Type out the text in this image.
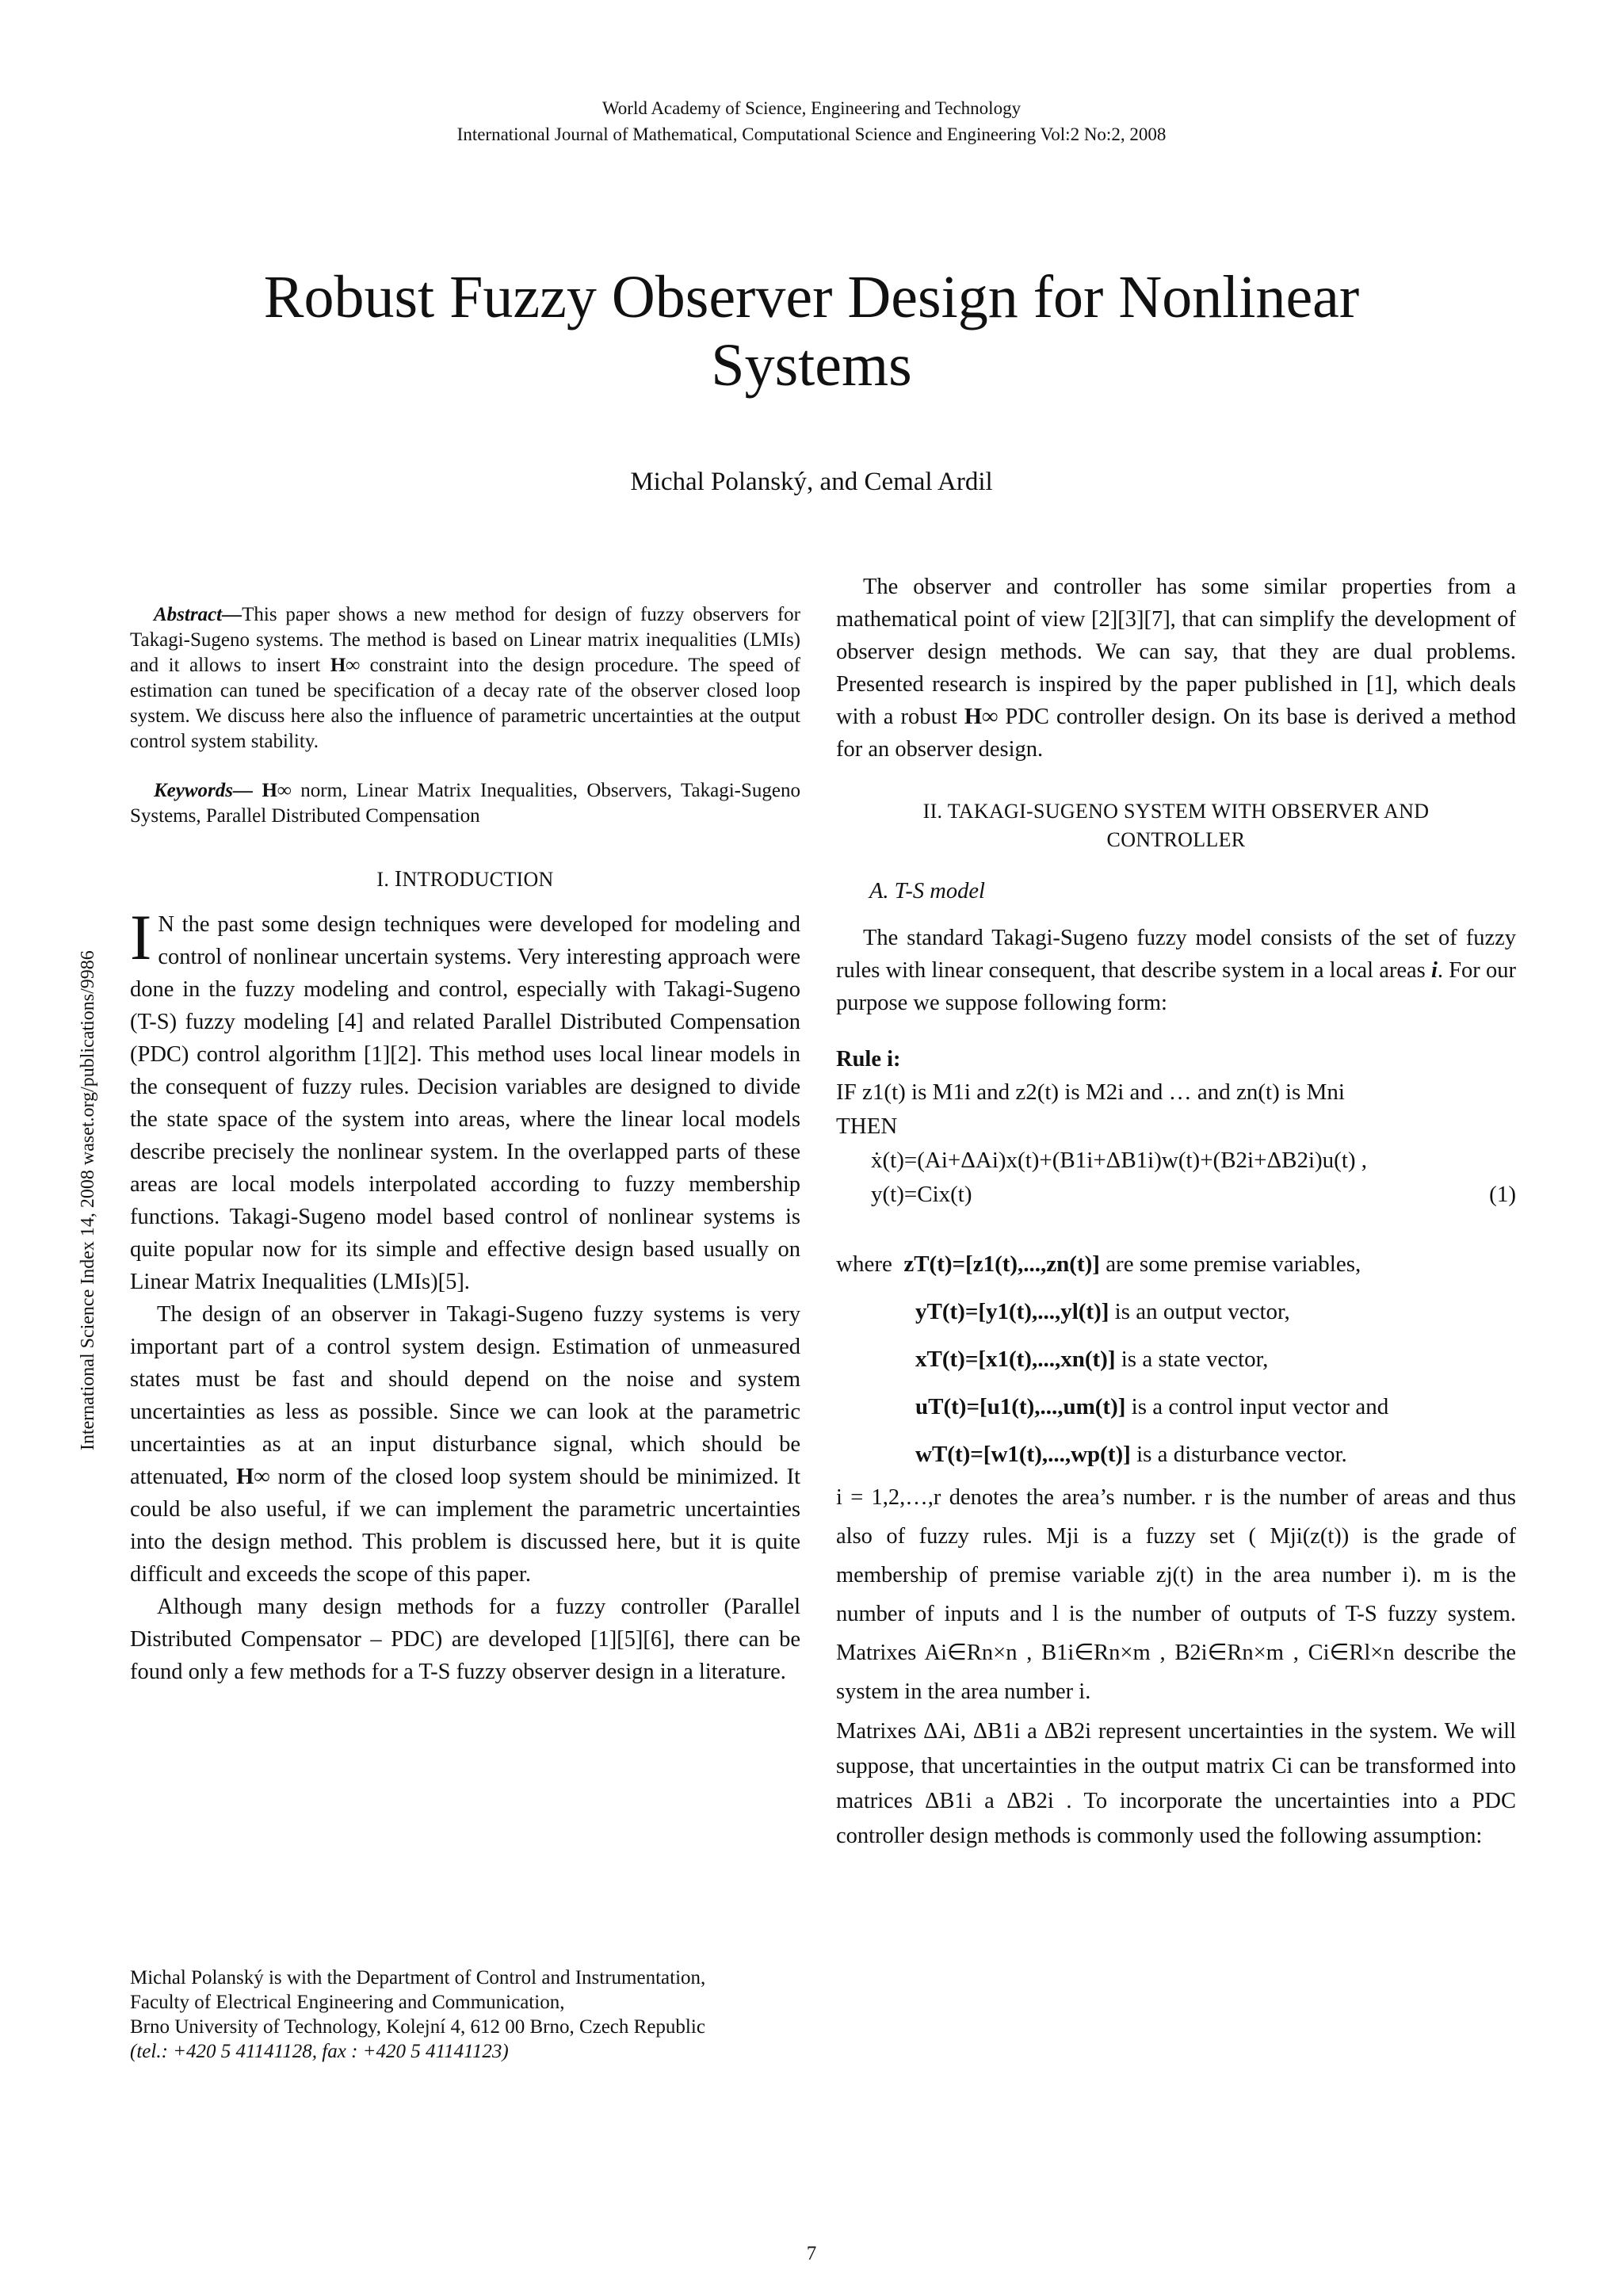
World Academy of Science, Engineering and Technology
International Journal of Mathematical, Computational Science and Engineering Vol:2 No:2, 2008
Robust Fuzzy Observer Design for Nonlinear
Systems
Michal Polanský, and Cemal Ardil
International Science Index 14, 2008 waset.org/publications/9986
Abstract—This paper shows a new method for design of fuzzy observers for Takagi-Sugeno systems. The method is based on Linear matrix inequalities (LMIs) and it allows to insert H∞ constraint into the design procedure. The speed of estimation can tuned be specification of a decay rate of the observer closed loop system. We discuss here also the influence of parametric uncertainties at the output control system stability.
Keywords— H∞ norm, Linear Matrix Inequalities, Observers, Takagi-Sugeno Systems, Parallel Distributed Compensation
I. INTRODUCTION

I N the past some design techniques were developed for modeling and control of nonlinear uncertain systems. Very interesting approach were done in the fuzzy modeling and control, especially with Takagi-Sugeno (T-S) fuzzy modeling [4] and related Parallel Distributed Compensation (PDC) control algorithm [1][2]. This method uses local linear models in the consequent of fuzzy rules. Decision variables are designed to divide the state space of the system into areas, where the linear local models describe precisely the nonlinear system. In the overlapped parts of these areas are local models interpolated according to fuzzy membership functions. Takagi-Sugeno model based control of nonlinear systems is quite popular now for its simple and effective design based usually on Linear Matrix Inequalities (LMIs)[5].

The design of an observer in Takagi-Sugeno fuzzy systems is very important part of a control system design. Estimation of unmeasured states must be fast and should depend on the noise and system uncertainties as less as possible. Since we can look at the parametric uncertainties as at an input disturbance signal, which should be attenuated, H∞ norm of the closed loop system should be minimized. It could be also useful, if we can implement the parametric uncertainties into the design method. This problem is discussed here, but it is quite difficult and exceeds the scope of this paper.

Although many design methods for a fuzzy controller (Parallel Distributed Compensator – PDC) are developed [1][5][6], there can be found only a few methods for a T-S fuzzy observer design in a literature.

Michal Polanský is with the Department of Control and Instrumentation,
Faculty of Electrical Engineering and Communication,
Brno University of Technology, Kolejní 4, 612 00 Brno, Czech Republic
(tel.: +420 5 41141128, fax : +420 5 41141123)

The observer and controller has some similar properties from a mathematical point of view [2][3][7], that can simplify the development of observer design methods. We can say, that they are dual problems. Presented research is inspired by the paper published in [1], which deals with a robust H∞ PDC controller design. On its base is derived a method for an observer design.

II. TAKAGI-SUGENO SYSTEM WITH OBSERVER AND
CONTROLLER
A. T-S model

The standard Takagi-Sugeno fuzzy model consists of the set of fuzzy rules with linear consequent, that describe system in a local areas i. For our purpose we suppose following form:

Rule i:
IF z1(t) is M1i and z2(t) is M2i and … and zn(t) is Mni
THEN
ẋ(t)=(Ai+ΔAi)x(t)+(B1i+ΔB1i)w(t)+(B2i+ΔB2i)u(t) ,
y(t)=Cix(t)	(1)
where zT(t)=[z1(t),...,zn(t)] are some premise variables,
yT(t)=[y1(t),...,yl(t)] is an output vector,
xT(t)=[x1(t),...,xn(t)] is a state vector,
uT(t)=[u1(t),...,um(t)] is a control input vector and
wT(t)=[w1(t),...,wp(t)] is a disturbance vector.
i = 1,2,…,r denotes the area’s number. r is the number of areas and thus also of fuzzy rules. Mji is a fuzzy set ( Mji(z(t)) is the grade of membership of premise variable zj(t) in the area number i). m is the number of inputs and l is the number of outputs of T-S fuzzy system. Matrixes Ai∈Rn×n , B1i∈Rn×m , B2i∈Rn×m , Ci∈Rl×n describe the system in the area number i.
Matrixes ΔAi, ΔB1i a ΔB2i represent uncertainties in the system. We will suppose, that uncertainties in the output matrix Ci can be transformed into matrices ΔB1i a ΔB2i . To incorporate the uncertainties into a PDC controller design methods is commonly used the following assumption:
7
